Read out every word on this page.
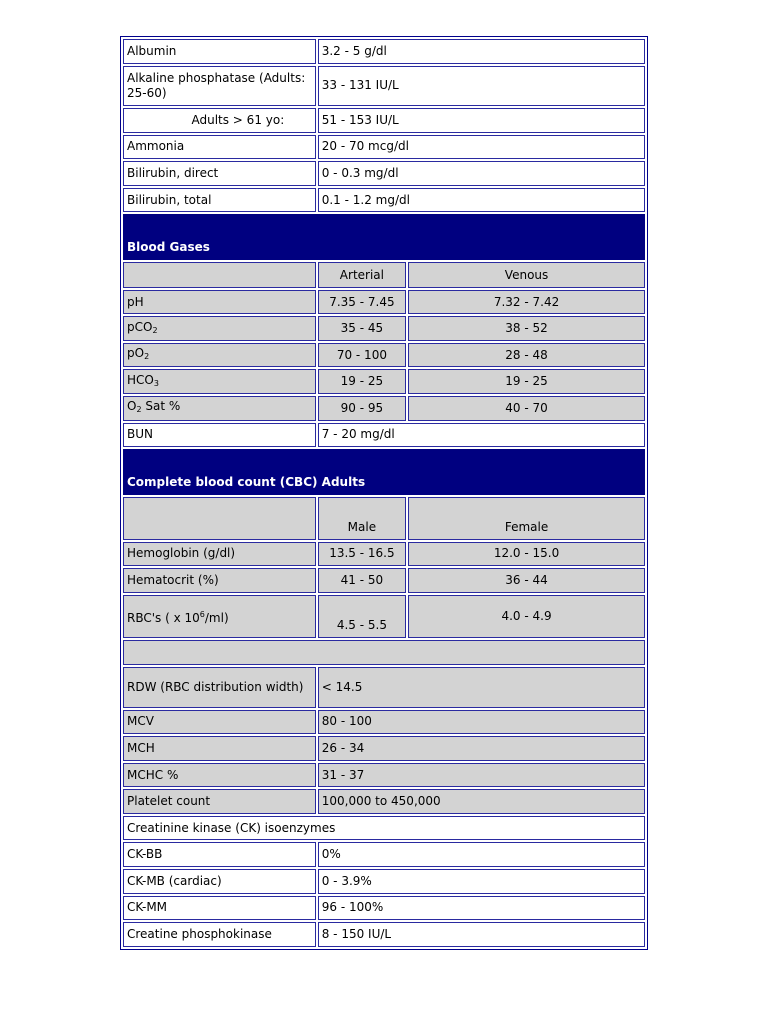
Albumin	3.2 - 5 g/dl	
Alkaline phosphatase (Adults: 25-60)	33 - 131 IU/L	
Adults > 61 yo:	51 - 153 IU/L	
Ammonia	20 - 70 mcg/dl	
Bilirubin, direct	0 - 0.3 mg/dl	
Bilirubin, total	0.1 - 1.2 mg/dl	
Blood Gases		
	Arterial	Venous
pH	7.35 - 7.45	7.32 - 7.42
pCO$_2$	35 - 45	38 - 52
$pO_2$	70 - 100	28 - 48
$HCO_3$	19 - 25	19 - 25
$O_2$ Sat %	90 - 95	40 - 70
BUN	7 - 20 mg/dl	
Complete blood count (CBC) Adults		
	Male	Female
Hemoglobin (g/dl)	13.5 - 16.5	12.0 - 15.0
Hematocrit (%)	41 - 50	36 - 44
RBC's ( x $10^6/ml$)	4.5 - 5.5	4.0 - 4.9

RDW (RBC distribution width)	< 14.5	
MCV	80 - 100	
MCH	26 - 34	
MCHC %	31 - 37	
Platelet count	100,000 to 450,000	
Creatinine kinase (CK) isoenzymes		
CK-BB	0%	
CK-MB (cardiac)	0 - 3.9%	
CK-MM	96 - 100%	
Creatine phosphokinase	8 - 150 IU/L	
